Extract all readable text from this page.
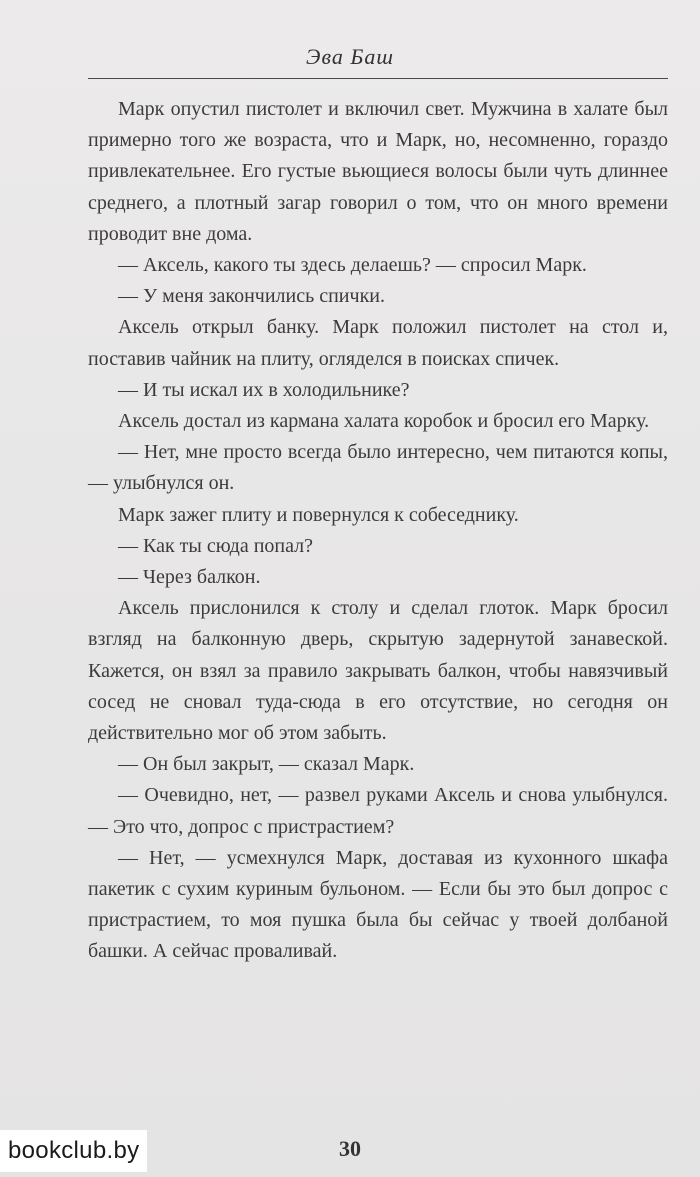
Эва Баш

Марк опустил пистолет и включил свет. Мужчина в халате был примерно того же возраста, что и Марк, но, несомненно, гораздо привлекательнее. Его густые вьющиеся волосы были чуть длиннее среднего, а плотный загар говорил о том, что он много времени проводит вне дома.

— Аксель, какого ты здесь делаешь? — спросил Марк.

— У меня закончились спички.

Аксель открыл банку. Марк положил пистолет на стол и, поставив чайник на плиту, огляделся в поисках спичек.

— И ты искал их в холодильнике?

Аксель достал из кармана халата коробок и бросил его Марку.

— Нет, мне просто всегда было интересно, чем питаются копы, — улыбнулся он.

Марк зажег плиту и повернулся к собеседнику.

— Как ты сюда попал?

— Через балкон.

Аксель прислонился к столу и сделал глоток. Марк бросил взгляд на балконную дверь, скрытую задернутой занавеской. Кажется, он взял за правило закрывать балкон, чтобы навязчивый сосед не сновал туда-сюда в его отсутствие, но сегодня он действительно мог об этом забыть.

— Он был закрыт, — сказал Марк.

— Очевидно, нет, — развел руками Аксель и снова улыбнулся. — Это что, допрос с пристрастием?

— Нет, — усмехнулся Марк, доставая из кухонного шкафа пакетик с сухим куриным бульоном. — Если бы это был допрос с пристрастием, то моя пушка была бы сейчас у твоей долбаной башки. А сейчас проваливай.

30
bookclub.by
